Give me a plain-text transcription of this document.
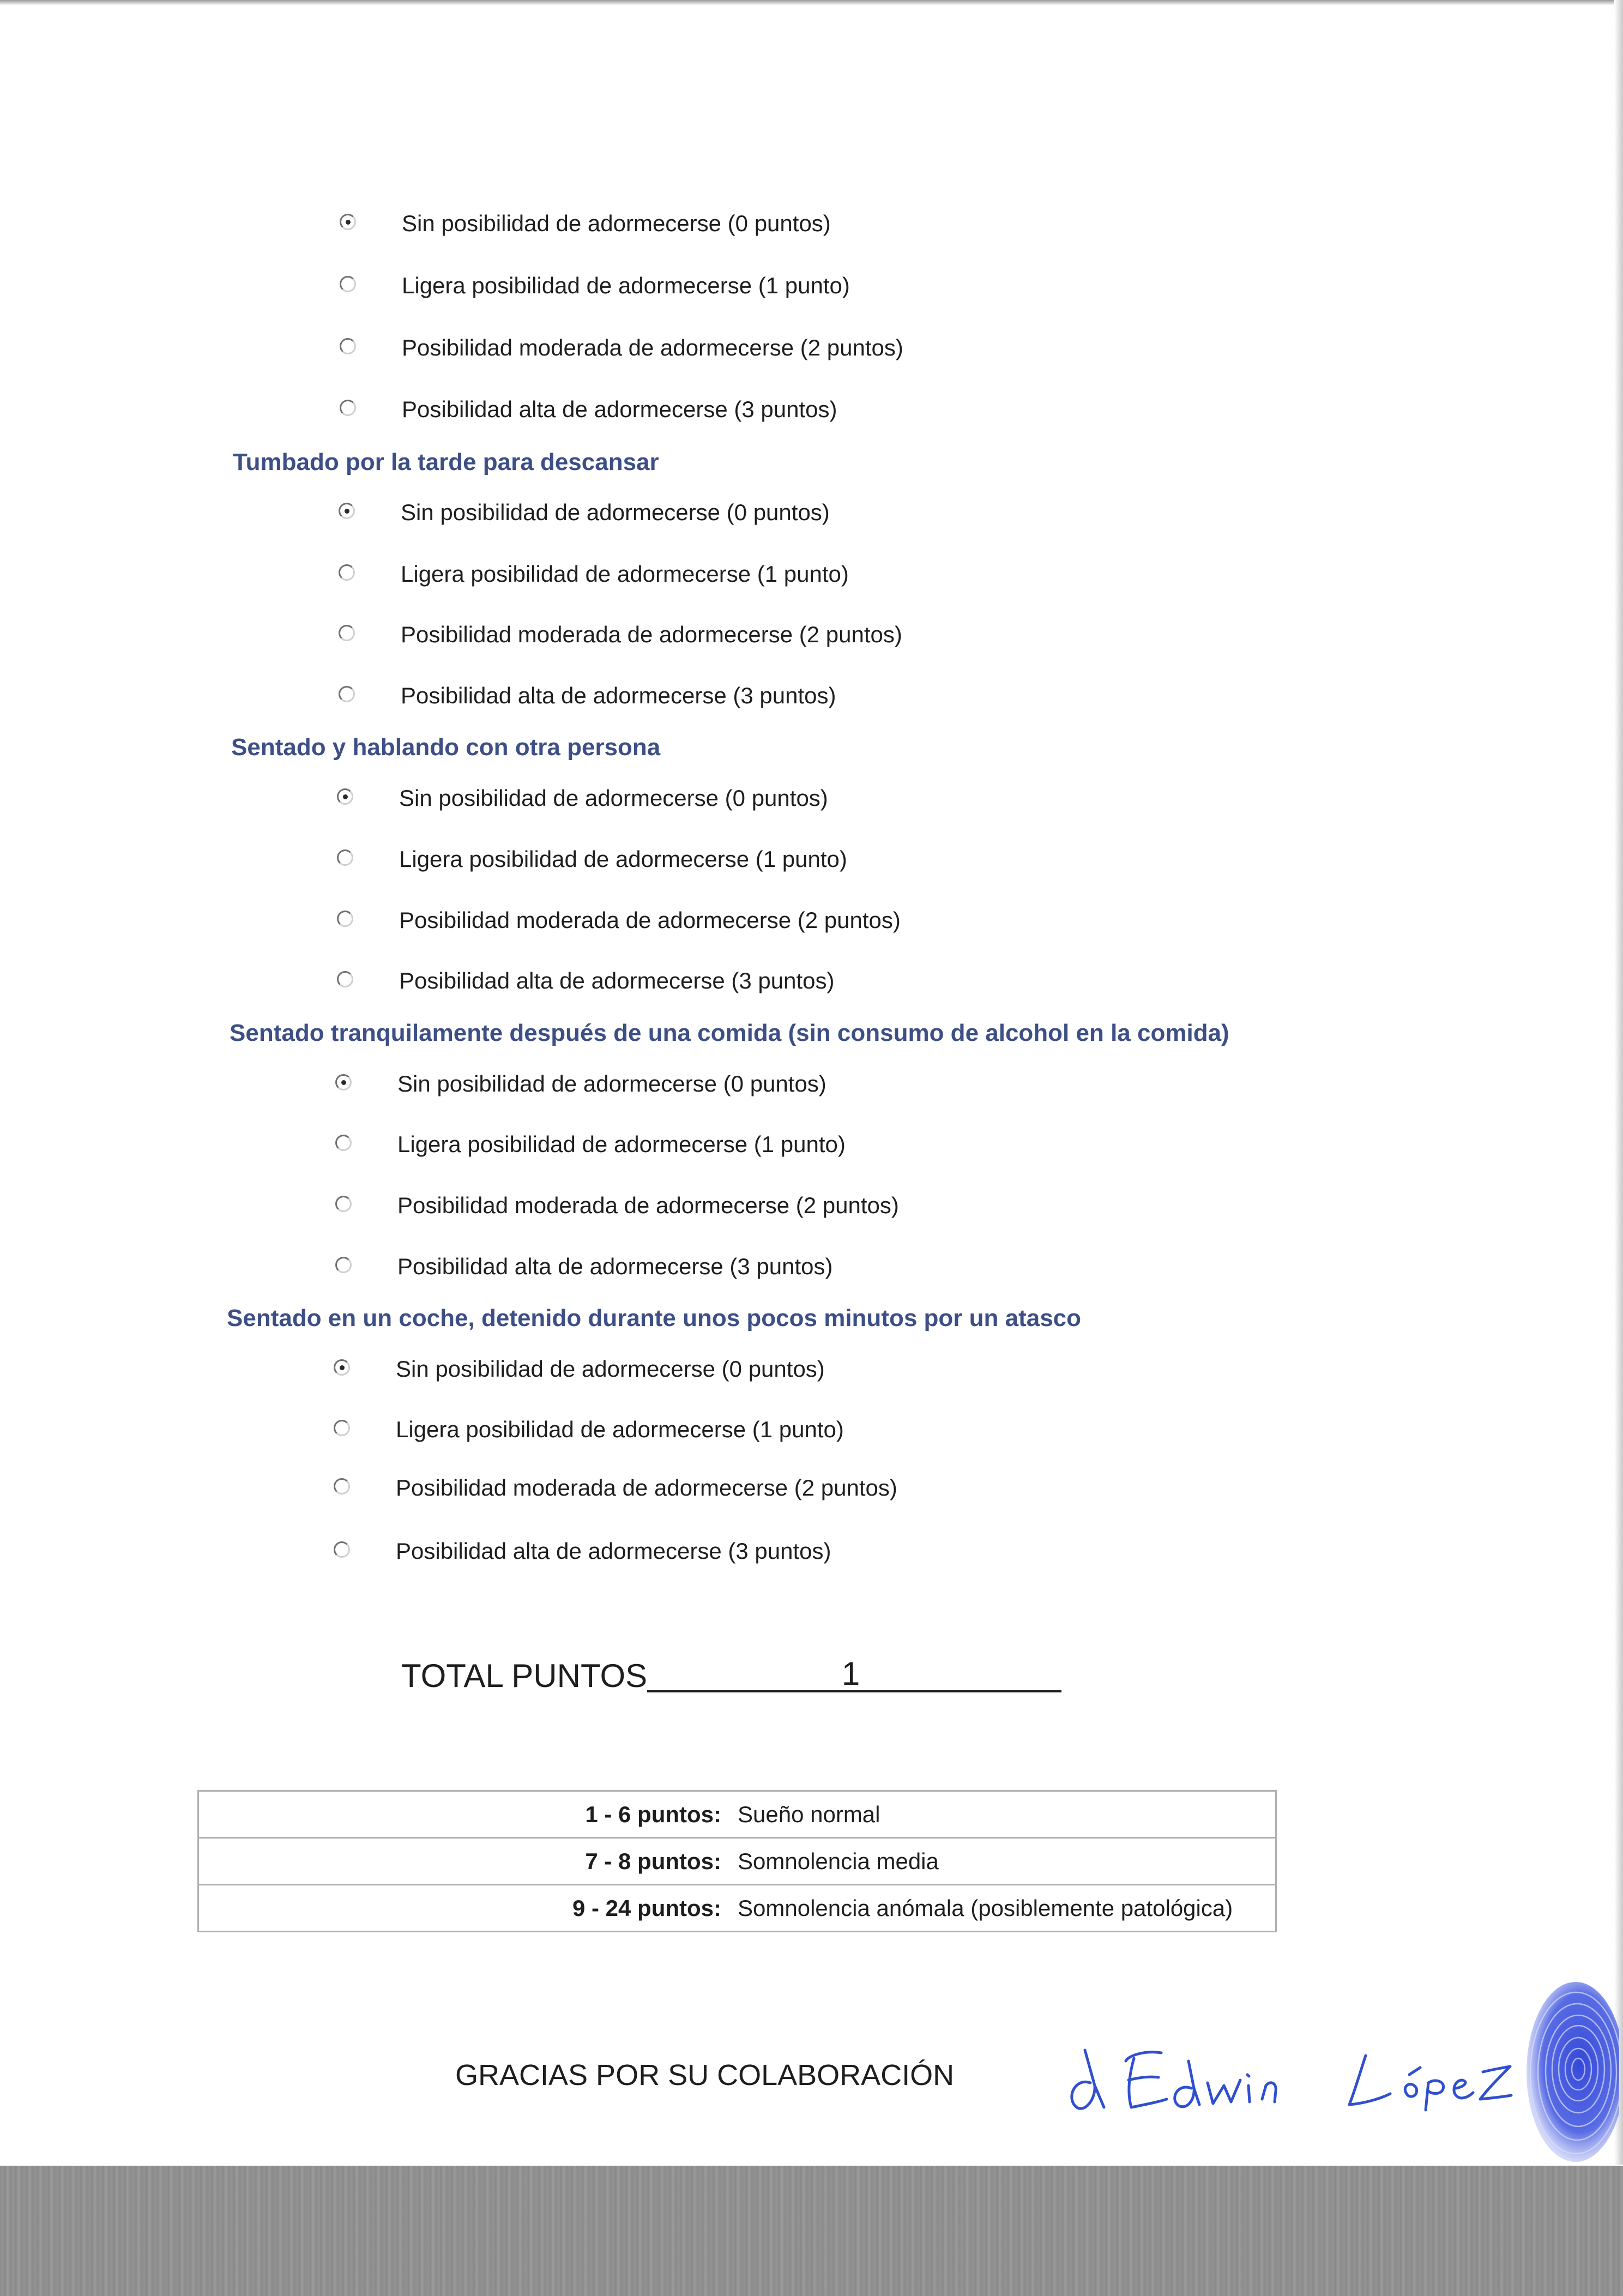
Sin posibilidad de adormecerse (0 puntos)
Ligera posibilidad de adormecerse (1 punto)
Posibilidad moderada de adormecerse (2 puntos)
Posibilidad alta de adormecerse (3 puntos)
Tumbado por la tarde para descansar
Sin posibilidad de adormecerse (0 puntos)
Ligera posibilidad de adormecerse (1 punto)
Posibilidad moderada de adormecerse (2 puntos)
Posibilidad alta de adormecerse (3 puntos)
Sentado y hablando con otra persona
Sin posibilidad de adormecerse (0 puntos)
Ligera posibilidad de adormecerse (1 punto)
Posibilidad moderada de adormecerse (2 puntos)
Posibilidad alta de adormecerse (3 puntos)
Sentado tranquilamente después de una comida (sin consumo de alcohol en la comida)
Sin posibilidad de adormecerse (0 puntos)
Ligera posibilidad de adormecerse (1 punto)
Posibilidad moderada de adormecerse (2 puntos)
Posibilidad alta de adormecerse (3 puntos)
Sentado en un coche, detenido durante unos pocos minutos por un atasco
Sin posibilidad de adormecerse (0 puntos)
Ligera posibilidad de adormecerse (1 punto)
Posibilidad moderada de adormecerse (2 puntos)
Posibilidad alta de adormecerse (3 puntos)
TOTAL PUNTOS	1
1 - 6 puntos:	Sueño normal
7 - 8 puntos:	Somnolencia media
9 - 24 puntos:	Somnolencia anómala (posiblemente patológica)
GRACIAS POR SU COLABORACIÓN
